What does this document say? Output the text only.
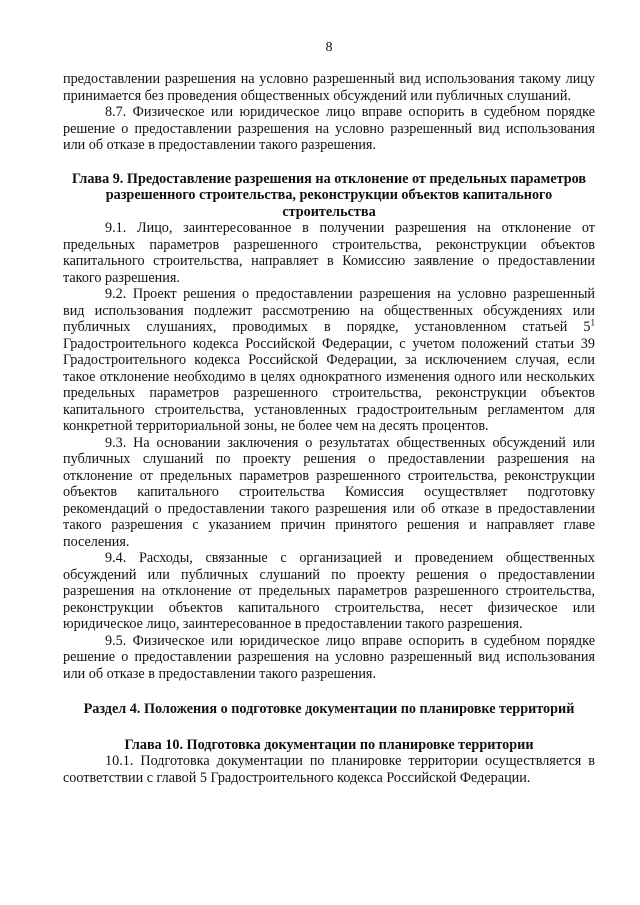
8

предоставлении разрешения на условно разрешенный вид использования такому лицу принимается без проведения общественных обсуждений или публичных слушаний.

8.7. Физическое или юридическое лицо вправе оспорить в судебном порядке решение о предоставлении разрешения на условно разрешенный вид использования или об отказе в предоставлении такого разрешения.

Глава 9. Предоставление разрешения на отклонение от предельных параметров разрешенного строительства, реконструкции объектов капитального строительства

9.1. Лицо, заинтересованное в получении разрешения на отклонение от предельных параметров разрешенного строительства, реконструкции объектов капитального строительства, направляет в Комиссию заявление о предоставлении такого разрешения.

9.2. Проект решения о предоставлении разрешения на условно разрешенный вид использования подлежит рассмотрению на общественных обсуждениях или публичных слушаниях, проводимых в порядке, установленном статьей $5^1$ Градостроительного кодекса Российской Федерации, с учетом положений статьи 39 Градостроительного кодекса Российской Федерации, за исключением случая, если такое отклонение необходимо в целях однократного изменения одного или нескольких предельных параметров разрешенного строительства, реконструкции объектов капитального строительства, установленных градостроительным регламентом для конкретной территориальной зоны, не более чем на десять процентов.

9.3. На основании заключения о результатах общественных обсуждений или публичных слушаний по проекту решения о предоставлении разрешения на отклонение от предельных параметров разрешенного строительства, реконструкции объектов капитального строительства Комиссия осуществляет подготовку рекомендаций о предоставлении такого разрешения или об отказе в предоставлении такого разрешения с указанием причин принятого решения и направляет главе поселения.

9.4. Расходы, связанные с организацией и проведением общественных обсуждений или публичных слушаний по проекту решения о предоставлении разрешения на отклонение от предельных параметров разрешенного строительства, реконструкции объектов капитального строительства, несет физическое или юридическое лицо, заинтересованное в предоставлении такого разрешения.

9.5. Физическое или юридическое лицо вправе оспорить в судебном порядке решение о предоставлении разрешения на условно разрешенный вид использования или об отказе в предоставлении такого разрешения.

Раздел 4. Положения о подготовке документации по планировке территорий

Глава 10. Подготовка документации по планировке территории

10.1. Подготовка документации по планировке территории осуществляется в соответствии с главой 5 Градостроительного кодекса Российской Федерации.
